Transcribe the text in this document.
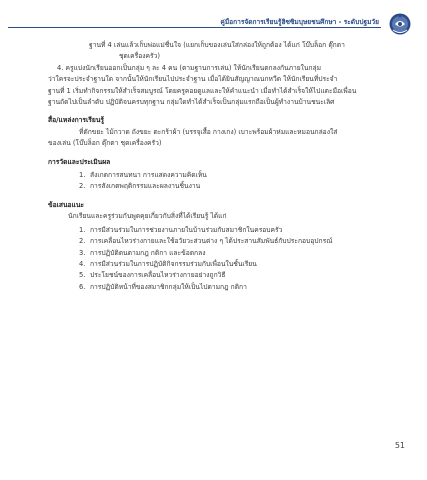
คู่มือการจัดการเรียนรู้ฮิซซิมบุษยชนศึกษา - ระดับปฐมวัย

ฐานที่ 4 เล่นแล้วเก็บพ่อแม่ชื่นใจ (แยกเก็บของเล่นใส่กล่องให้ถูกต้อง ได้แก่ โบ๊บล็อก ตุ๊กตา

ชุดเครื่องครัว)

4. ครูแบ่งนักเรียนออกเป็นกลุ่ม ๆ ละ 4 คน (ตามฐานการเล่น) ให้นักเรียนตกลงกันภายในกลุ่ม

ว่าใครจะประจำฐานใด จากนั้นให้นักเรียนไปประจำฐาน เมื่อได้ยินสัญญาณนกหวีด ให้นักเรียนที่ประจำ

ฐานที่ 1 เริ่มทำกิจกรรมให้สำเร็จสมบูรณ์ โดยครูคอยดูแลและให้คำแนะนำ เมื่อทำได้สำเร็จให้ไปแตะมือเพื่อน

ฐานถัดไปเป็นลำดับ ปฏิบัติจนครบทุกฐาน กลุ่มใดทำได้สำเร็จเป็นกลุ่มแรกถือเป็นผู้ทำงานบ้านชนะเลิศ

สื่อ/แหล่งการเรียนรู้

ที่ตักขยะ ไม้กวาด ถังขยะ ตะกร้าผ้า (บรรจุเสื้อ กางเกง) เบาะพร้อมผ้าห่มและหมอนกล่องใส่

ของเล่น (โบ๊บล็อก ตุ๊กตา ชุดเครื่องครัว)

การวัดและประเมินผล

1. สังเกตการสนทนา การแสดงความคิดเห็น
2. การสังเกตพฤติกรรมและผลงานชิ้นงาน

ข้อเสนอแนะ

นักเรียนและครูร่วมกันพูดคุยเกี่ยวกับสิ่งที่ได้เรียนรู้ ได้แก่

1. การมีส่วนร่วมในการช่วยงานภายในบ้านร่วมกับสมาชิกในครอบครัว
2. การเคลื่อนไหวร่างกายและใช้อวัยวะส่วนต่าง ๆ ได้ประสานสัมพันธ์กับประกอบอุปกรณ์
3. การปฏิบัติตนตามกฎ กติกา และข้อตกลง
4. การมีส่วนร่วมในการปฏิบัติกิจกรรมร่วมกับเพื่อนในชั้นเรียน
5. ประโยชน์ของการเคลื่อนไหวร่างกายอย่างถูกวิธี
6. การปฏิบัติหน้าที่ของสมาชิกกลุ่มให้เป็นไปตามกฎ กติกา
51
